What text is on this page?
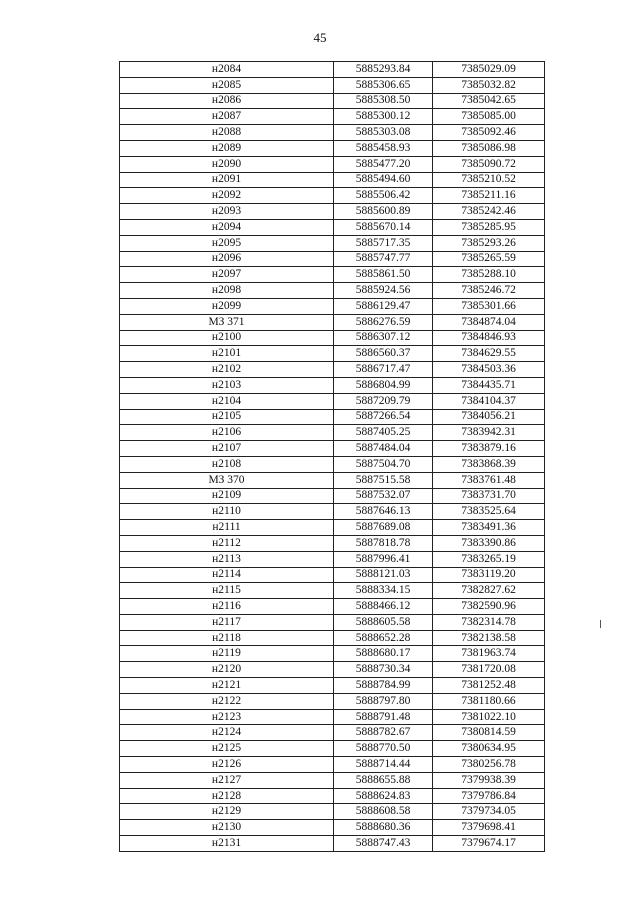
45
н2084	5885293.84	7385029.09
н2085	5885306.65	7385032.82
н2086	5885308.50	7385042.65
н2087	5885300.12	7385085.00
н2088	5885303.08	7385092.46
н2089	5885458.93	7385086.98
н2090	5885477.20	7385090.72
н2091	5885494.60	7385210.52
н2092	5885506.42	7385211.16
н2093	5885600.89	7385242.46
н2094	5885670.14	7385285.95
н2095	5885717.35	7385293.26
н2096	5885747.77	7385265.59
н2097	5885861.50	7385288.10
н2098	5885924.56	7385246.72
н2099	5886129.47	7385301.66
МЗ 371	5886276.59	7384874.04
н2100	5886307.12	7384846.93
н2101	5886560.37	7384629.55
н2102	5886717.47	7384503.36
н2103	5886804.99	7384435.71
н2104	5887209.79	7384104.37
н2105	5887266.54	7384056.21
н2106	5887405.25	7383942.31
н2107	5887484.04	7383879.16
н2108	5887504.70	7383868.39
МЗ 370	5887515.58	7383761.48
н2109	5887532.07	7383731.70
н2110	5887646.13	7383525.64
н2111	5887689.08	7383491.36
н2112	5887818.78	7383390.86
н2113	5887996.41	7383265.19
н2114	5888121.03	7383119.20
н2115	5888334.15	7382827.62
н2116	5888466.12	7382590.96
н2117	5888605.58	7382314.78
н2118	5888652.28	7382138.58
н2119	5888680.17	7381963.74
н2120	5888730.34	7381720.08
н2121	5888784.99	7381252.48
н2122	5888797.80	7381180.66
н2123	5888791.48	7381022.10
н2124	5888782.67	7380814.59
н2125	5888770.50	7380634.95
н2126	5888714.44	7380256.78
н2127	5888655.88	7379938.39
н2128	5888624.83	7379786.84
н2129	5888608.58	7379734.05
н2130	5888680.36	7379698.41
н2131	5888747.43	7379674.17
